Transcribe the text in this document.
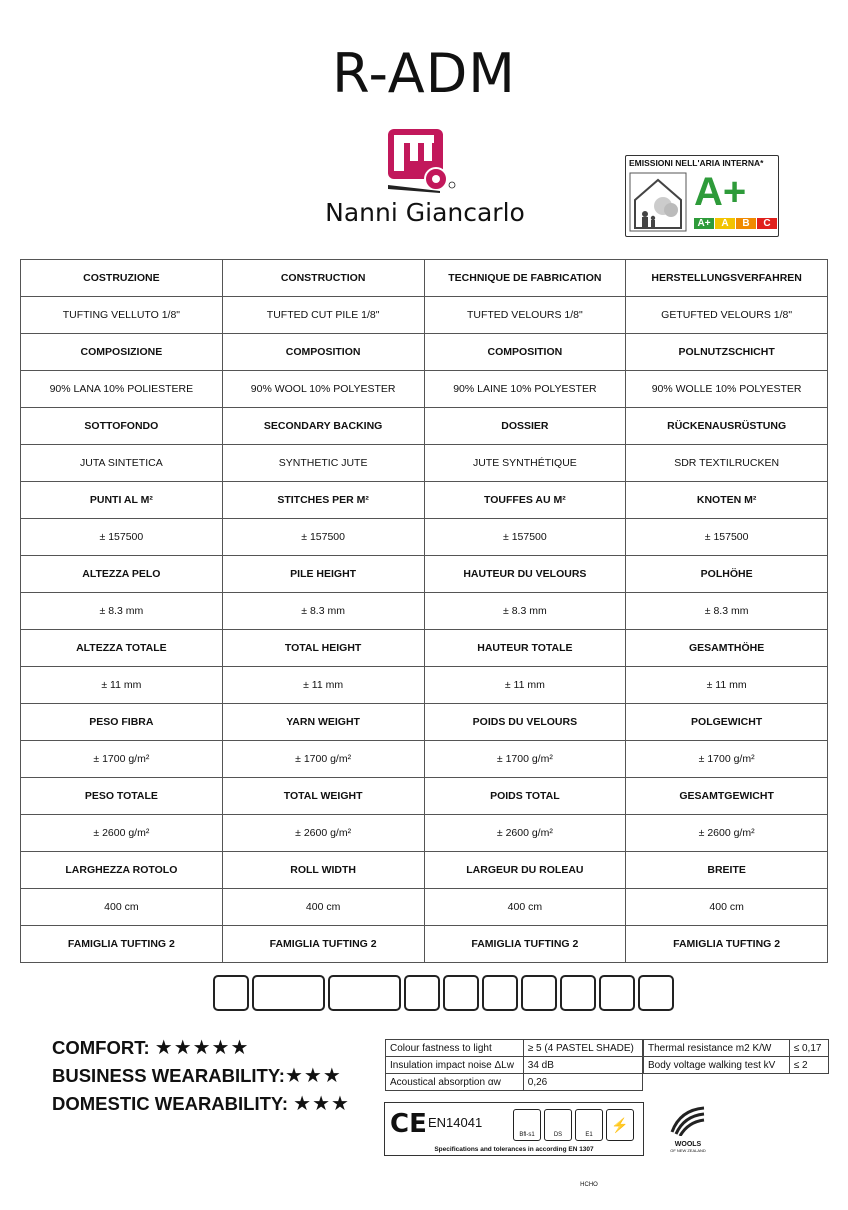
R-ADM
Nanni Giancarlo
EMISSIONI NELL'ARIA INTERNA*
A+
A+	A	B	C
COSTRUZIONE	CONSTRUCTION	TECHNIQUE DE FABRICATION	HERSTELLUNGSVERFAHREN
TUFTING VELLUTO 1/8"	TUFTED CUT PILE 1/8"	TUFTED VELOURS 1/8"	GETUFTED VELOURS 1/8"
COMPOSIZIONE	COMPOSITION	COMPOSITION	POLNUTZSCHICHT
90% LANA 10% POLIESTERE	90% WOOL 10% POLYESTER	90% LAINE 10% POLYESTER	90% WOLLE 10% POLYESTER
SOTTOFONDO	SECONDARY BACKING	DOSSIER	RÜCKENAUSRÜSTUNG
JUTA SINTETICA	SYNTHETIC JUTE	JUTE SYNTHÉTIQUE	SDR TEXTILRUCKEN
PUNTI AL M²	STITCHES PER M²	TOUFFES AU M²	KNOTEN M²
± 157500	± 157500	± 157500	± 157500
ALTEZZA PELO	PILE HEIGHT	HAUTEUR DU VELOURS	POLHÖHE
± 8.3 mm	± 8.3 mm	± 8.3 mm	± 8.3 mm
ALTEZZA TOTALE	TOTAL HEIGHT	HAUTEUR TOTALE	GESAMTHÖHE
± 11 mm	± 11 mm	± 11 mm	± 11 mm
PESO FIBRA	YARN WEIGHT	POIDS DU VELOURS	POLGEWICHT
± 1700 g/m²	± 1700 g/m²	± 1700 g/m²	± 1700 g/m²
PESO TOTALE	TOTAL WEIGHT	POIDS TOTAL	GESAMTGEWICHT
± 2600 g/m²	± 2600 g/m²	± 2600 g/m²	± 2600 g/m²
LARGHEZZA ROTOLO	ROLL WIDTH	LARGEUR DU ROLEAU	BREITE
400 cm	400 cm	400 cm	400 cm
FAMIGLIA TUFTING 2	FAMIGLIA TUFTING 2	FAMIGLIA TUFTING 2	FAMIGLIA TUFTING 2
COMFORT: ★★★★★
BUSINESS WEARABILITY:★★★
DOMESTIC WEARABILITY: ★★★
Colour fastness to light	≥ 5 (4 PASTEL SHADE)
Insulation impact noise ΔLw	34 dB
Acoustical absorption αw	0,26
Thermal resistance m2 K/W	≤ 0,17
Body voltage walking test kV	≤ 2
CE EN14041
Bfl-s1	DS	E1 HCHO
⚡
Specifications and tolerances in according EN 1307
WOOLS
OF NEW ZEALAND
